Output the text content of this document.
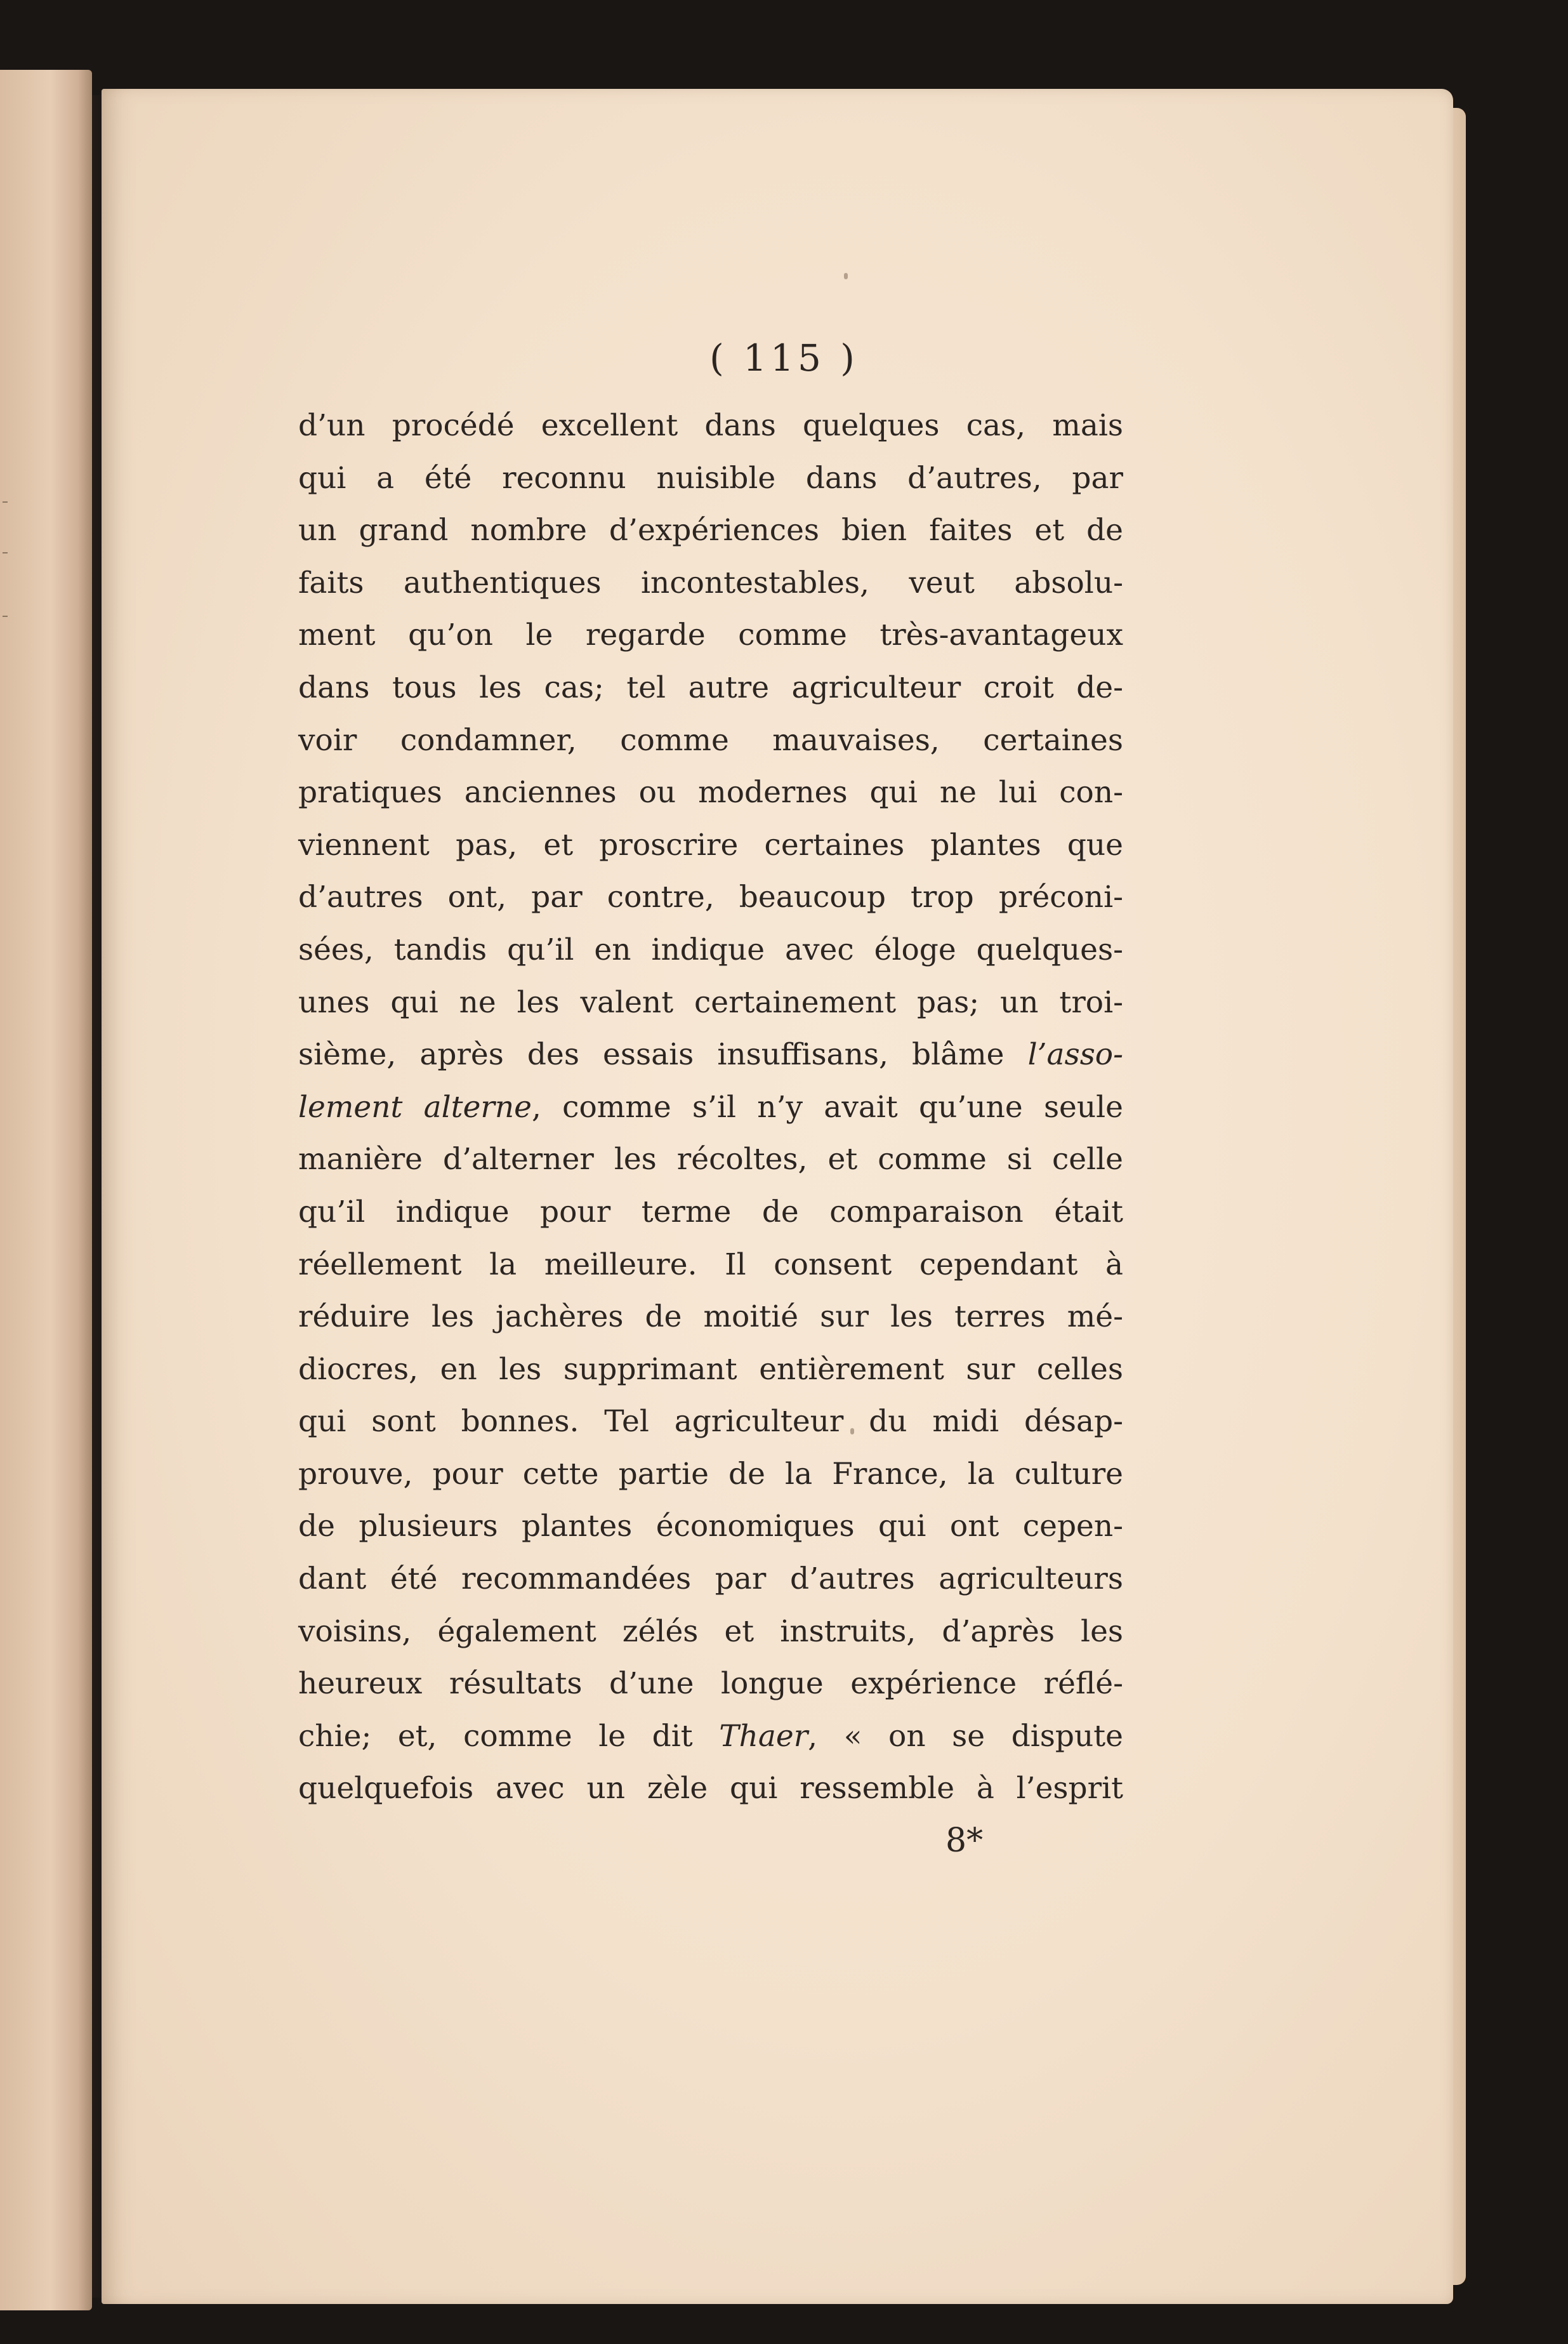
( 115 )
d’un procédé excellent dans quelques cas, mais
qui a été reconnu nuisible dans d’autres, par
un grand nombre d’expériences bien faites et de
faits authentiques incontestables, veut absolu-
ment qu’on le regarde comme très-avantageux
dans tous les cas; tel autre agriculteur croit de-
voir condamner, comme mauvaises, certaines
pratiques anciennes ou modernes qui ne lui con-
viennent pas, et proscrire certaines plantes que
d’autres ont, par contre, beaucoup trop préconi-
sées, tandis qu’il en indique avec éloge quelques-
unes qui ne les valent certainement pas; un troi-
sième, après des essais insuffisans, blâme l’asso-
lement alterne, comme s’il n’y avait qu’une seule
manière d’alterner les récoltes, et comme si celle
qu’il indique pour terme de comparaison était
réellement la meilleure. Il consent cependant à
réduire les jachères de moitié sur les terres mé-
diocres, en les supprimant entièrement sur celles
qui sont bonnes. Tel agriculteur du midi désap-
prouve, pour cette partie de la France, la culture
de plusieurs plantes économiques qui ont cepen-
dant été recommandées par d’autres agriculteurs
voisins, également zélés et instruits, d’après les
heureux résultats d’une longue expérience réflé-
chie; et, comme le dit Thaer, « on se dispute
quelquefois avec un zèle qui ressemble à l’esprit
8*
